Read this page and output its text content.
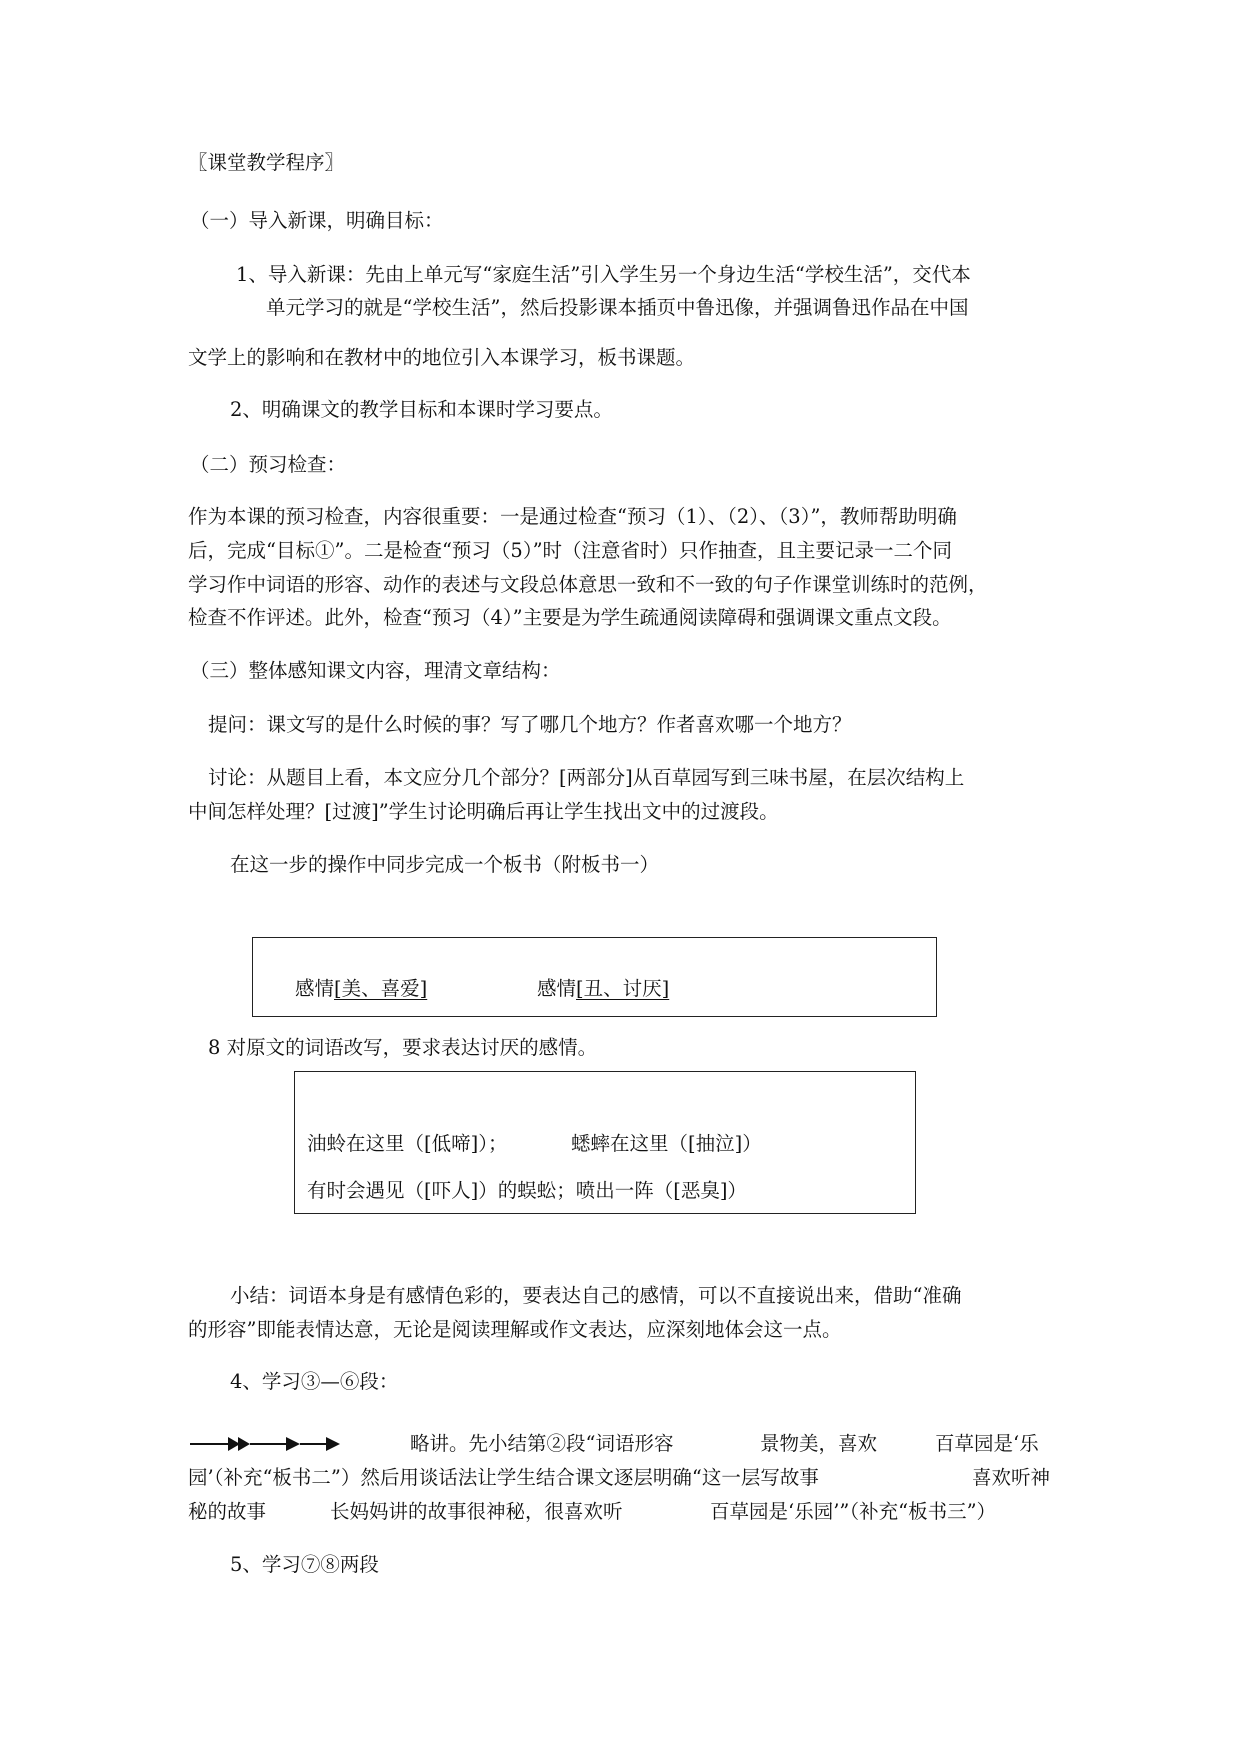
〖课堂教学程序〗

（一）导入新课，明确目标：

1、导入新课：先由上单元写“家庭生活”引入学生另一个身边生活“学校生活”，交代本

单元学习的就是“学校生活”，然后投影课本插页中鲁迅像，并强调鲁迅作品在中国

文学上的影响和在教材中的地位引入本课学习，板书课题。

2、明确课文的教学目标和本课时学习要点。

（二）预习检查：

作为本课的预习检查，内容很重要：一是通过检查“预习（1）、（2）、（3）”，教师帮助明确

后，完成“目标①”。二是检查“预习（5）”时（注意省时）只作抽查，且主要记录一二个同

学习作中词语的形容、动作的表述与文段总体意思一致和不一致的句子作课堂训练时的范例，

检查不作评述。此外，检查“预习（4）”主要是为学生疏通阅读障碍和强调课文重点文段。

（三）整体感知课文内容，理清文章结构：

提问：课文写的是什么时候的事？写了哪几个地方？作者喜欢哪一个地方？

讨论：从题目上看，本文应分几个部分？[两部分]从百草园写到三味书屋，在层次结构上

中间怎样处理？[过渡]”学生讨论明确后再让学生找出文中的过渡段。

在这一步的操作中同步完成一个板书（附板书一）

感情[美、喜爱]	感情[丑、讨厌]

8 对原文的词语改写，要求表达讨厌的感情。

油蛉在这里（[低啼]）；	蟋蟀在这里（[抽泣]）

有时会遇见（[吓人]）的蜈蚣；喷出一阵（[恶臭]）

小结：词语本身是有感情色彩的，要表达自己的感情，可以不直接说出来，借助“准确

的形容”即能表情达意，无论是阅读理解或作文表达，应深刻地体会这一点。

4、学习③—⑥段：

略讲。先小结第②段“词语形容	景物美，喜欢	百草园是‘乐

园’（补充“板书二”）然后用谈话法让学生结合课文逐层明确“这一层写故事	喜欢听神

秘的故事	长妈妈讲的故事很神秘，很喜欢听	百草园是‘乐园’”（补充“板书三”）

5、学习⑦⑧两段
